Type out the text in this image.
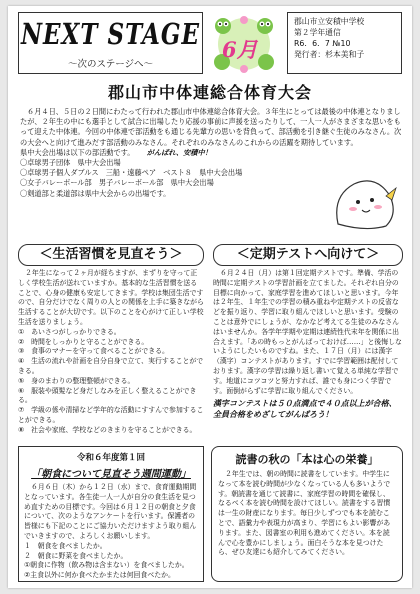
NEXT STAGE
〜次のステージへ〜
6月
郡山市立安積中学校
第２学年通信
R6．6．7 №10
発行者：杉本美和子
郡山市中体連総合体育大会

６月４日、５日の２日間にわたって行われた郡山市中体連総合体育大会。３年生にとっては最後の中体連となりましたが、２年生の中にも選手として試合に出場したり応援の事前に声援を送ったりして、一人一人がさまざまな思いをもって迎えた中体連。今回の中体連で部活動をも通じる先輩方の思いを背負って、部活動を引き継ぐ生徒のみなさん。次の大会へと向けて進みだす部活動のみなさん。それぞれのみなさんのこれからの活躍を期待しています。

県中大会出場は以下の部活動です。 がんばれ、安積中！
〇卓球男子団体　県中大会出場
〇卓球男子個人ダブルス　三船・遠藤ペア　ベスト８　県中大会出場
〇女子バレーボール部　男子バレーボール部　県中大会出場
〇剣道部と柔道部は県中大会からの出場です。
＜生活習慣を見直そう＞

２年生になって２ヶ月が経ちますが、まずりを守って正しく学校生活が送れていますか。基本的な生活習慣を送ることで、心身の健康も安定してきます。学校は集団生活ですので、自分だけでなく周りの人との関係を上手に築きながら生活することが大切です。以下のことを心がけて正しい学校生活を送りましょう。

①　あいさつがしっかりできる。
②　時間をしっかりと守ることができる。
③　食事のマナーを守って食べることができる。
④　生活の流れや計画を自分自身で立て、実行することができる。
⑤　身のまわりの整理整頓ができる。
⑥　服装や頭髪など身だしなみを正しく整えることができる。
⑦　学級の係や清掃など学年的な活動にすすんで参加することができる。
⑧　社会や家庭、学校などのきまりを守ることができる。
＜定期テストへ向けて＞

６月２４日（月）は第１回定期テストです。準備、学活の時間に定期テストの学習計画を立てました。それぞれ自分の目標に向かって、家庭学習を進めてほしいと思います。今年は２年生、１年生での学習の積み重ねや定期テストの反省などを振り返り、学習に取り組んでほしいと思います。受験のことは意外でにしょうが、なかなど考えてる生徒のみなさんはいませんか。各学年学期や定期は連続性代末年を関係に出合えます。「あの時もっとがんばっておけば……」と後悔しないようにしたいものですね。また、１７日（月）には漢字（漢字）コンテストがあります。すでに学習範囲は配付しております。漢字の学習は繰り返し書いて覚える単純な学習です。地道にコツコツと努力すれば、誰でも身につく学習です。面倒がらずに学習に取り組んでください。

漢字コンテストは５０点満点で４０点以上が合格、全員合格をめざしてがんばろう！

令和６年度第１回
「朝食について見直そう週間運動」

６月６日（木）から１２日（水）まで、食育運動期間となっています。各生徒一人一人が自分の食生活を見つめ直すための目標です。今回は６月１２日の朝食と夕食について、次のようなアンケートを行います。保護者の皆様にも下記のことにご協力いただけますよう取り組んでいきますので、よろしくお願いします。

１　朝食を食べましたか。
２　朝食に野菜を食べましたか。
①朝食に作物（飲み物は含まない）を食べましたか。
②主食以外に何か食べたかまたは何回食べたか。
読書の秋の「本は心の栄養」

２年生では、朝の時間に読書をしています。中学生になって本を読む時間が少なくなっている人も多いようです。朝読書を通じて読書に、家庭学習の時間を確保し、なるべく本を読む時間を設けてほしい。読書をする習慣は一生の財産になります。毎日少しずつでも本を読むことで、語彙力や表現力が高まり、学習にもよい影響があります。また、図書室の利用も進めてください。本を読んで心を豊かにしましょう。面白そうな本を見つけたら、ぜひ友達にも紹介してみてください。
